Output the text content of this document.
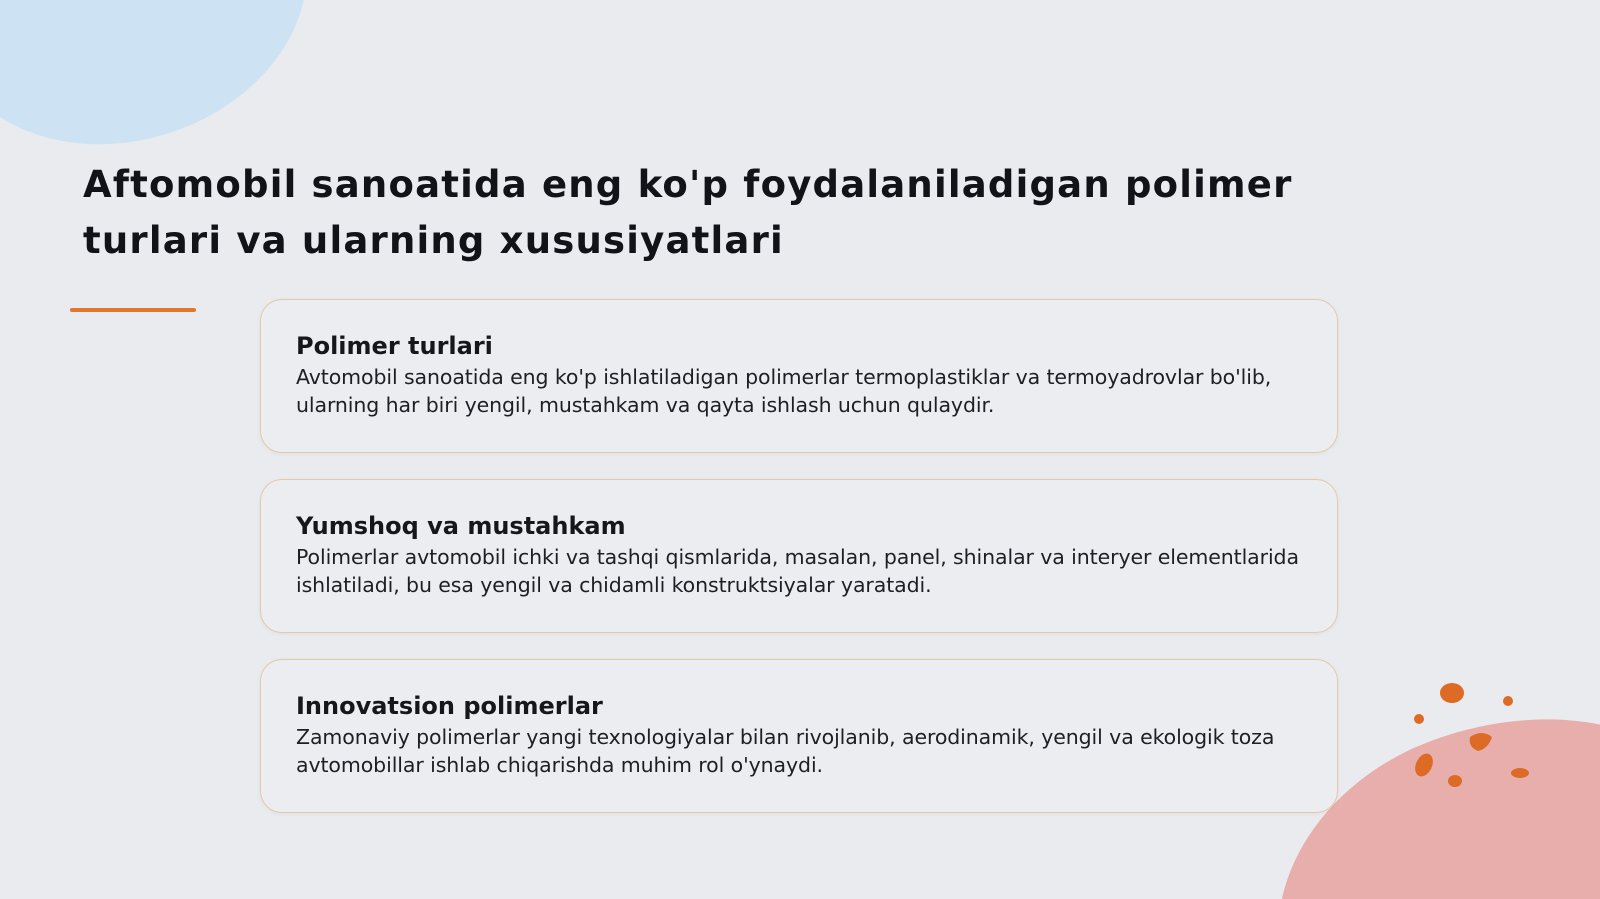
Aftomobil sanoatida eng ko'p foydalaniladigan polimer turlari va ularning xususiyatlari
Polimer turlari

Avtomobil sanoatida eng ko'p ishlatiladigan polimerlar termoplastiklar va termoyadrovlar bo'lib, ularning har biri yengil, mustahkam va qayta ishlash uchun qulaydir.

Yumshoq va mustahkam

Polimerlar avtomobil ichki va tashqi qismlarida, masalan, panel, shinalar va interyer elementlarida ishlatiladi, bu esa yengil va chidamli konstruktsiyalar yaratadi.

Innovatsion polimerlar

Zamonaviy polimerlar yangi texnologiyalar bilan rivojlanib, aerodinamik, yengil va ekologik toza avtomobillar ishlab chiqarishda muhim rol o'ynaydi.
